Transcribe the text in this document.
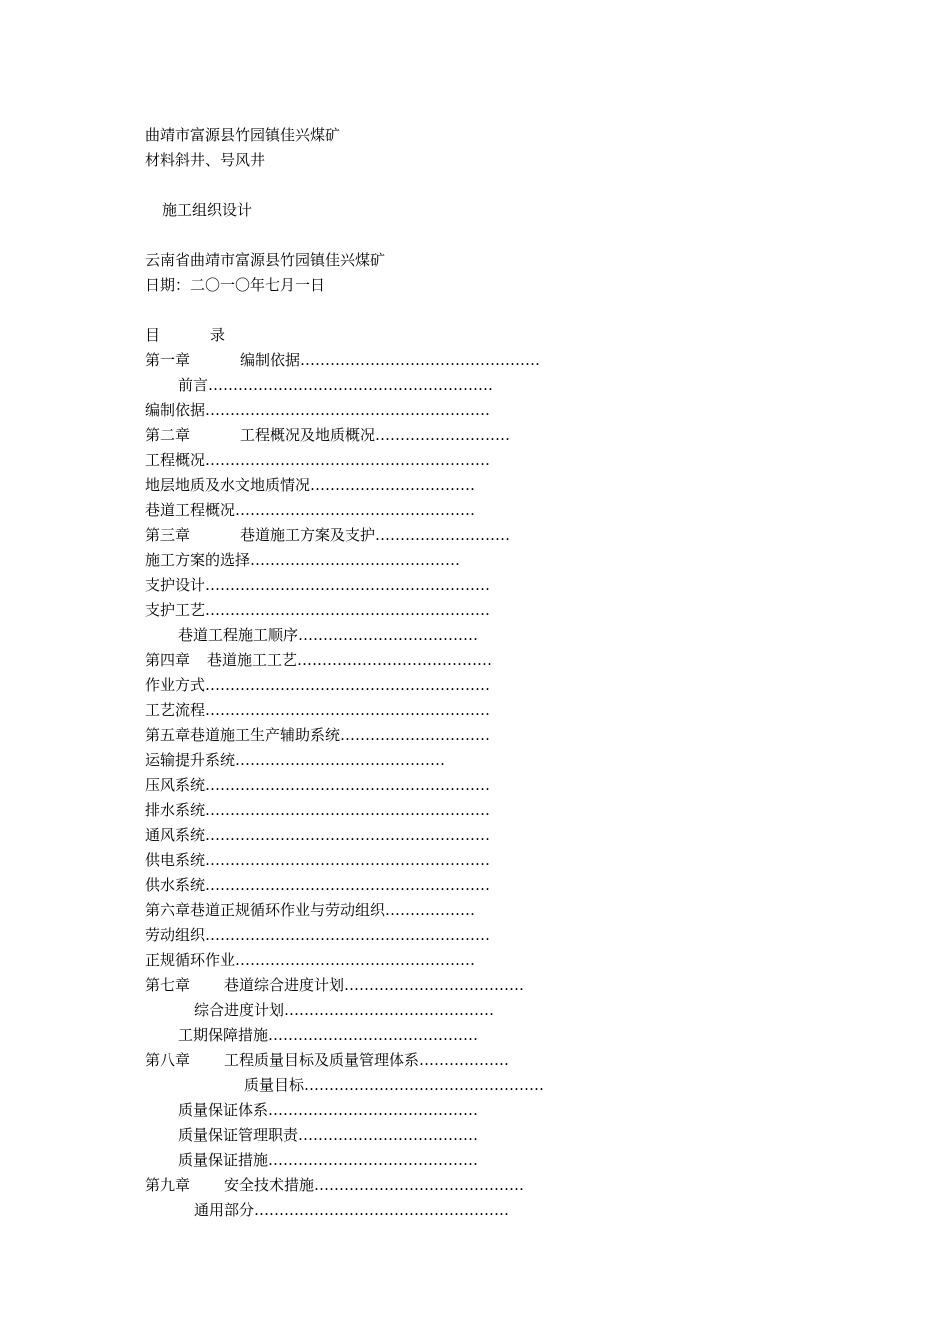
曲靖市富源县竹园镇佳兴煤矿
材料斜井、号风井
施工组织设计
云南省曲靖市富源县竹园镇佳兴煤矿
日期：二〇一〇年七月一日
目	录
第一章	编制依据…………………………………………
前言…………………………………………………
编制依据…………………………………………………
第二章	工程概况及地质概况………………………
工程概况…………………………………………………
地层地质及水文地质情况……………………………
巷道工程概况…………………………………………
第三章	巷道施工方案及支护………………………
施工方案的选择……………………………………
支护设计…………………………………………………
支护工艺…………………………………………………
巷道工程施工顺序………………………………
第四章 巷道施工工艺…………………………………
作业方式…………………………………………………
工艺流程…………………………………………………
第五章巷道施工生产辅助系统…………………………
运输提升系统……………………………………
压风系统…………………………………………………
排水系统…………………………………………………
通风系统…………………………………………………
供电系统…………………………………………………
供水系统…………………………………………………
第六章巷道正规循环作业与劳动组织………………
劳动组织…………………………………………………
正规循环作业…………………………………………
第七章 巷道综合进度计划………………………………
综合进度计划……………………………………
工期保障措施……………………………………
第八章 工程质量目标及质量管理体系………………
质量目标…………………………………………
质量保证体系……………………………………
质量保证管理职责………………………………
质量保证措施……………………………………
第九章 安全技术措施……………………………………
通用部分……………………………………………
